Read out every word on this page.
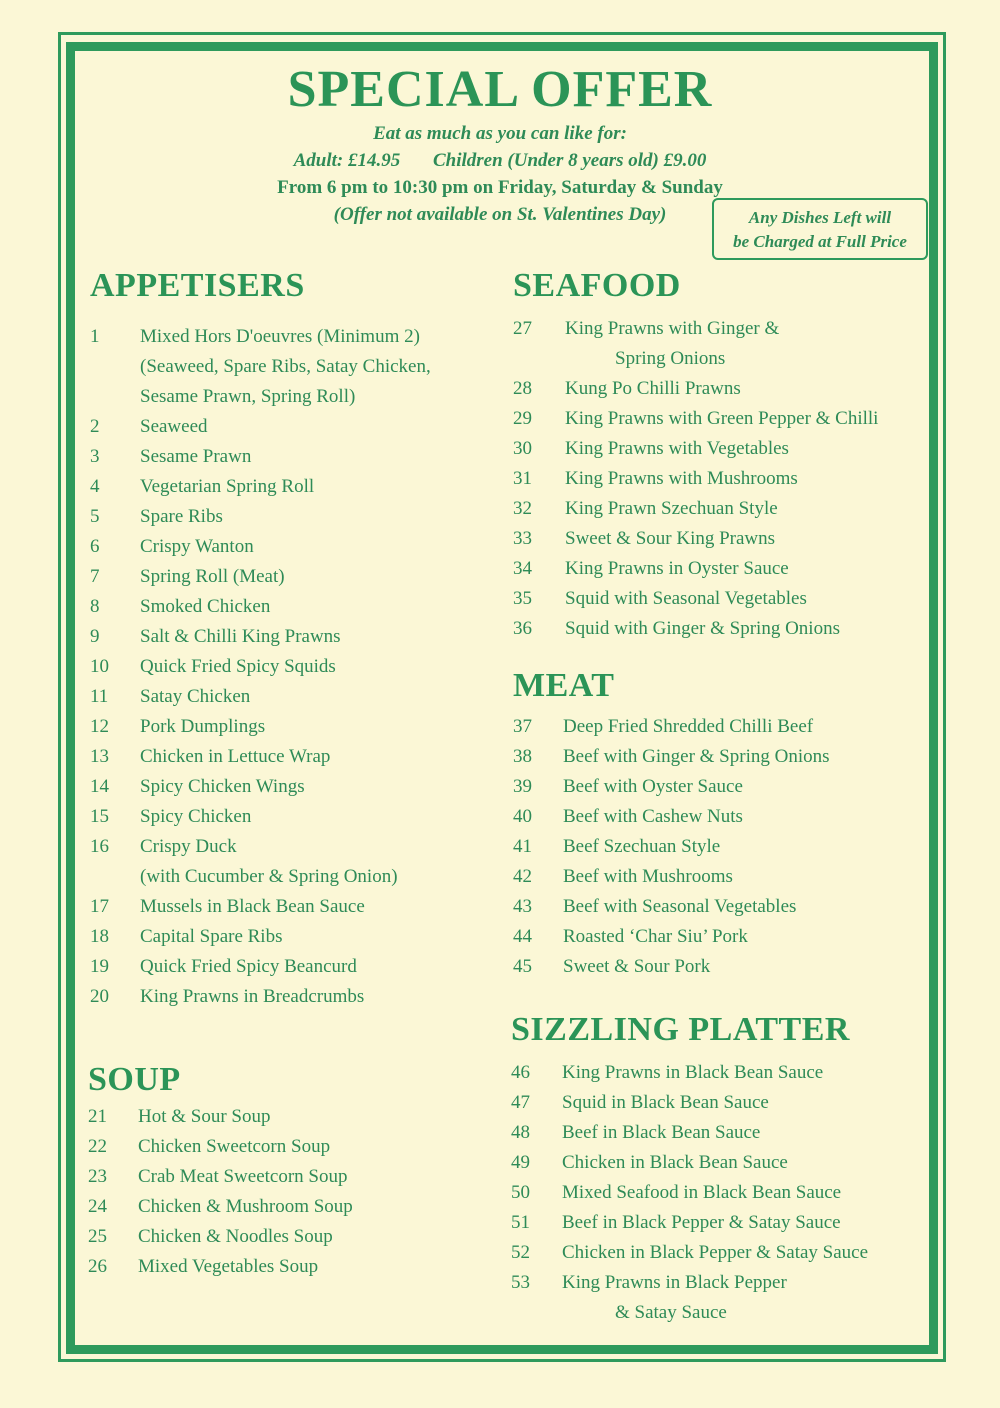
SPECIAL OFFER
Eat as much as you can like for:
Adult: £14.95 Children (Under 8 years old) £9.00
From 6 pm to 10:30 pm on Friday, Saturday & Sunday
(Offer not available on St. Valentines Day)	Any Dishes Left will
be Charged at Full Price
APPETISERS
1	Mixed Hors D'oeuvres (Minimum 2)
(Seaweed, Spare Ribs, Satay Chicken,
Sesame Prawn, Spring Roll)
2	Seaweed
3	Sesame Prawn
4	Vegetarian Spring Roll
5	Spare Ribs
6	Crispy Wanton
7	Spring Roll (Meat)
8	Smoked Chicken
9	Salt & Chilli King Prawns
10	Quick Fried Spicy Squids
11	Satay Chicken
12	Pork Dumplings
13	Chicken in Lettuce Wrap
14	Spicy Chicken Wings
15	Spicy Chicken
16	Crispy Duck
(with Cucumber & Spring Onion)
17	Mussels in Black Bean Sauce
18	Capital Spare Ribs
19	Quick Fried Spicy Beancurd
20	King Prawns in Breadcrumbs
SOUP
21	Hot & Sour Soup
22	Chicken Sweetcorn Soup
23	Crab Meat Sweetcorn Soup
24	Chicken & Mushroom Soup
25	Chicken & Noodles Soup
26	Mixed Vegetables Soup
SEAFOOD
27	King Prawns with Ginger &
Spring Onions
28	Kung Po Chilli Prawns
29	King Prawns with Green Pepper & Chilli
30	King Prawns with Vegetables
31	King Prawns with Mushrooms
32	King Prawn Szechuan Style
33	Sweet & Sour King Prawns
34	King Prawns in Oyster Sauce
35	Squid with Seasonal Vegetables
36	Squid with Ginger & Spring Onions
MEAT
37	Deep Fried Shredded Chilli Beef
38	Beef with Ginger & Spring Onions
39	Beef with Oyster Sauce
40	Beef with Cashew Nuts
41	Beef Szechuan Style
42	Beef with Mushrooms
43	Beef with Seasonal Vegetables
44	Roasted ‘Char Siu’ Pork
45	Sweet & Sour Pork
SIZZLING PLATTER
46	King Prawns in Black Bean Sauce
47	Squid in Black Bean Sauce
48	Beef in Black Bean Sauce
49	Chicken in Black Bean Sauce
50	Mixed Seafood in Black Bean Sauce
51	Beef in Black Pepper & Satay Sauce
52	Chicken in Black Pepper & Satay Sauce
53	King Prawns in Black Pepper
& Satay Sauce
